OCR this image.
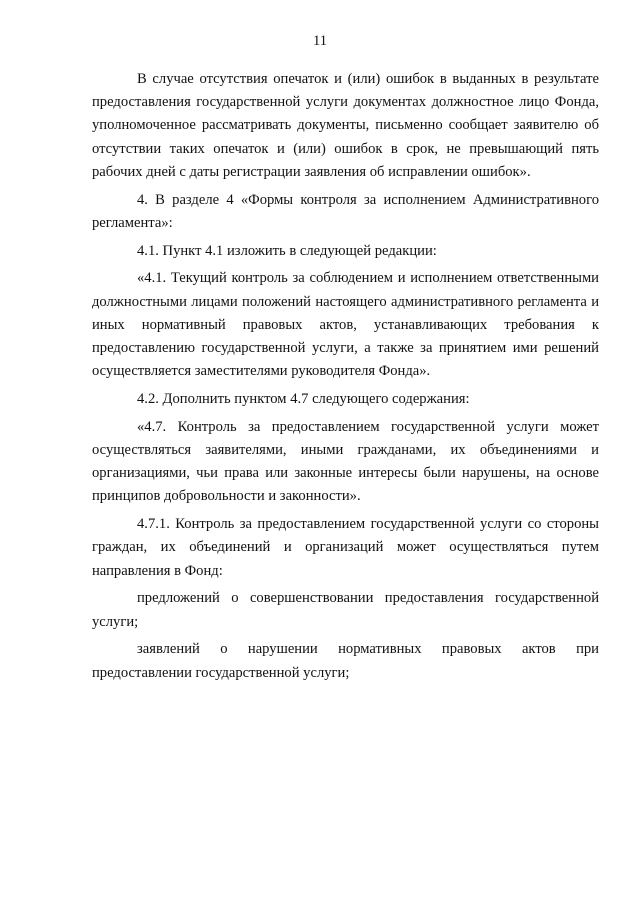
11

В случае отсутствия опечаток и (или) ошибок в выданных в результате предоставления государственной услуги документах должностное лицо Фонда, уполномоченное рассматривать документы, письменно сообщает заявителю об отсутствии таких опечаток и (или) ошибок в срок, не превышающий пять рабочих дней с даты регистрации заявления об исправлении ошибок».

4. В разделе 4 «Формы контроля за исполнением Административного регламента»:

4.1. Пункт 4.1 изложить в следующей редакции:

«4.1. Текущий контроль за соблюдением и исполнением ответственными должностными лицами положений настоящего административного регламента и иных нормативный правовых актов, устанавливающих требования к предоставлению государственной услуги, а также за принятием ими решений осуществляется заместителями руководителя Фонда».

4.2. Дополнить пунктом 4.7 следующего содержания:

«4.7. Контроль за предоставлением государственной услуги может осуществляться заявителями, иными гражданами, их объединениями и организациями, чьи права или законные интересы были нарушены, на основе принципов добровольности и законности».

4.7.1. Контроль за предоставлением государственной услуги со стороны граждан, их объединений и организаций может осуществляться путем направления в Фонд:

предложений о совершенствовании предоставления государственной услуги;

заявлений о нарушении нормативных правовых актов при предоставлении государственной услуги;
